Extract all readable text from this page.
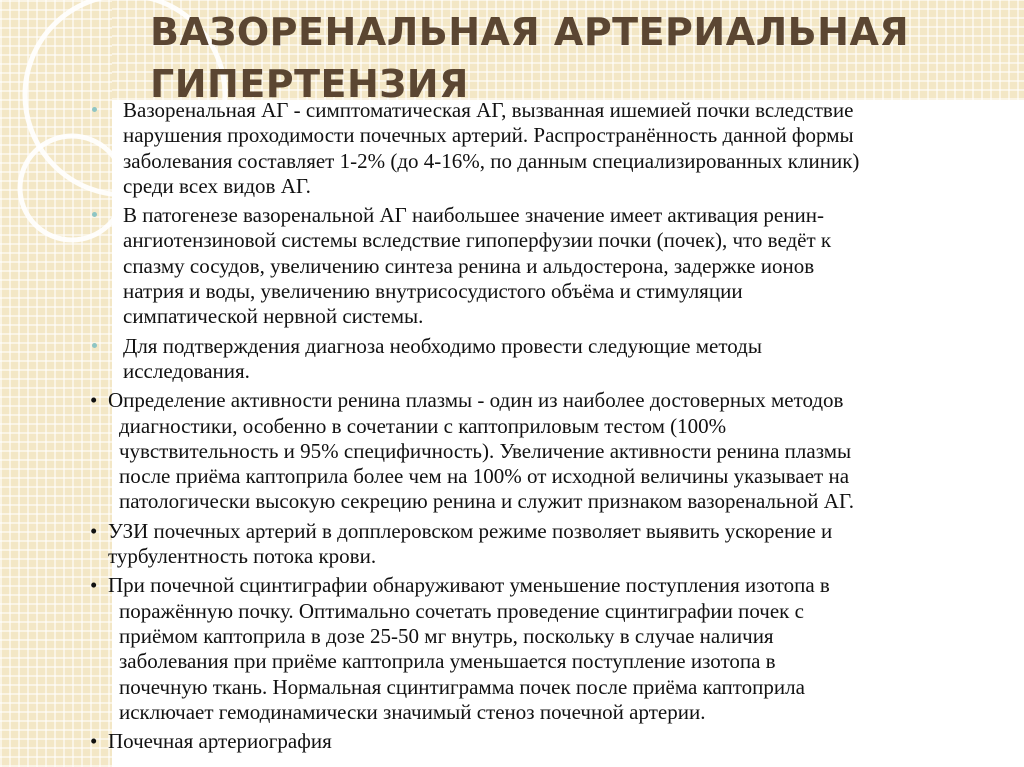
ВАЗОРЕНАЛЬНАЯ АРТЕРИАЛЬНАЯ
ГИПЕРТЕНЗИЯ
Вазоренальная АГ - симптоматическая АГ, вызванная ишемией почки вследствие
нарушения проходимости почечных артерий. Распространённость данной формы
заболевания составляет 1-2% (до 4-16%, по данным специализированных клиник)
среди всех видов АГ.
В патогенезе вазоренальной АГ наибольшее значение имеет активация ренин-
ангиотензиновой системы вследствие гипоперфузии почки (почек), что ведёт к
спазму сосудов, увеличению синтеза ренина и альдостерона, задержке ионов
натрия и воды, увеличению внутрисосудистого объёма и стимуляции
симпатической нервной системы.
Для подтверждения диагноза необходимо провести следующие методы
исследования.
• Определение активности ренина плазмы - один из наиболее достоверных методов
диагностики, особенно в сочетании с каптоприловым тестом (100%
чувствительность и 95% специфичность). Увеличение активности ренина плазмы
после приёма каптоприла более чем на 100% от исходной величины указывает на
патологически высокую секрецию ренина и служит признаком вазоренальной АГ.
• УЗИ почечных артерий в допплеровском режиме позволяет выявить ускорение и
турбулентность потока крови.
• При почечной сцинтиграфии обнаруживают уменьшение поступления изотопа в
поражённую почку. Оптимально сочетать проведение сцинтиграфии почек с
приёмом каптоприла в дозе 25-50 мг внутрь, поскольку в случае наличия
заболевания при приёме каптоприла уменьшается поступление изотопа в
почечную ткань. Нормальная сцинтиграмма почек после приёма каптоприла
исключает гемодинамически значимый стеноз почечной артерии.
• Почечная артериография
